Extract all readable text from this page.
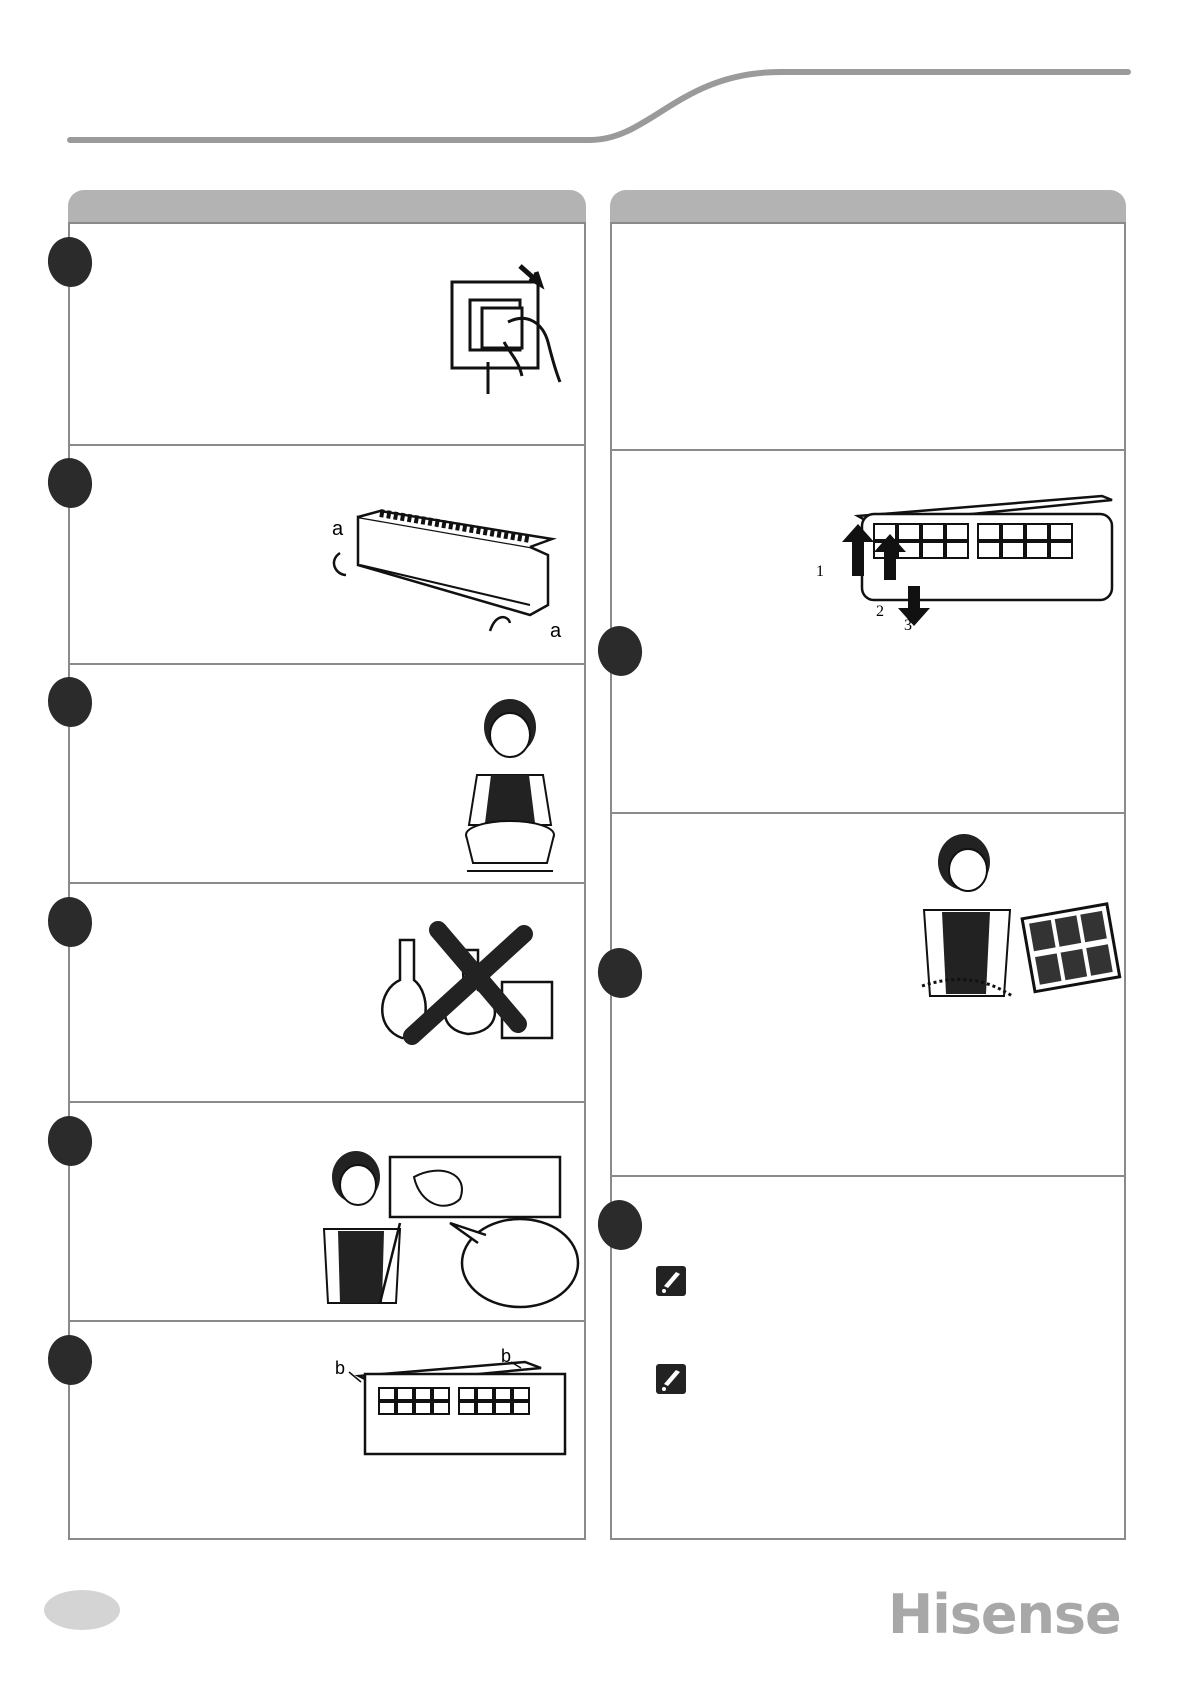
a
a
b
b
1
2
3
Hisense
